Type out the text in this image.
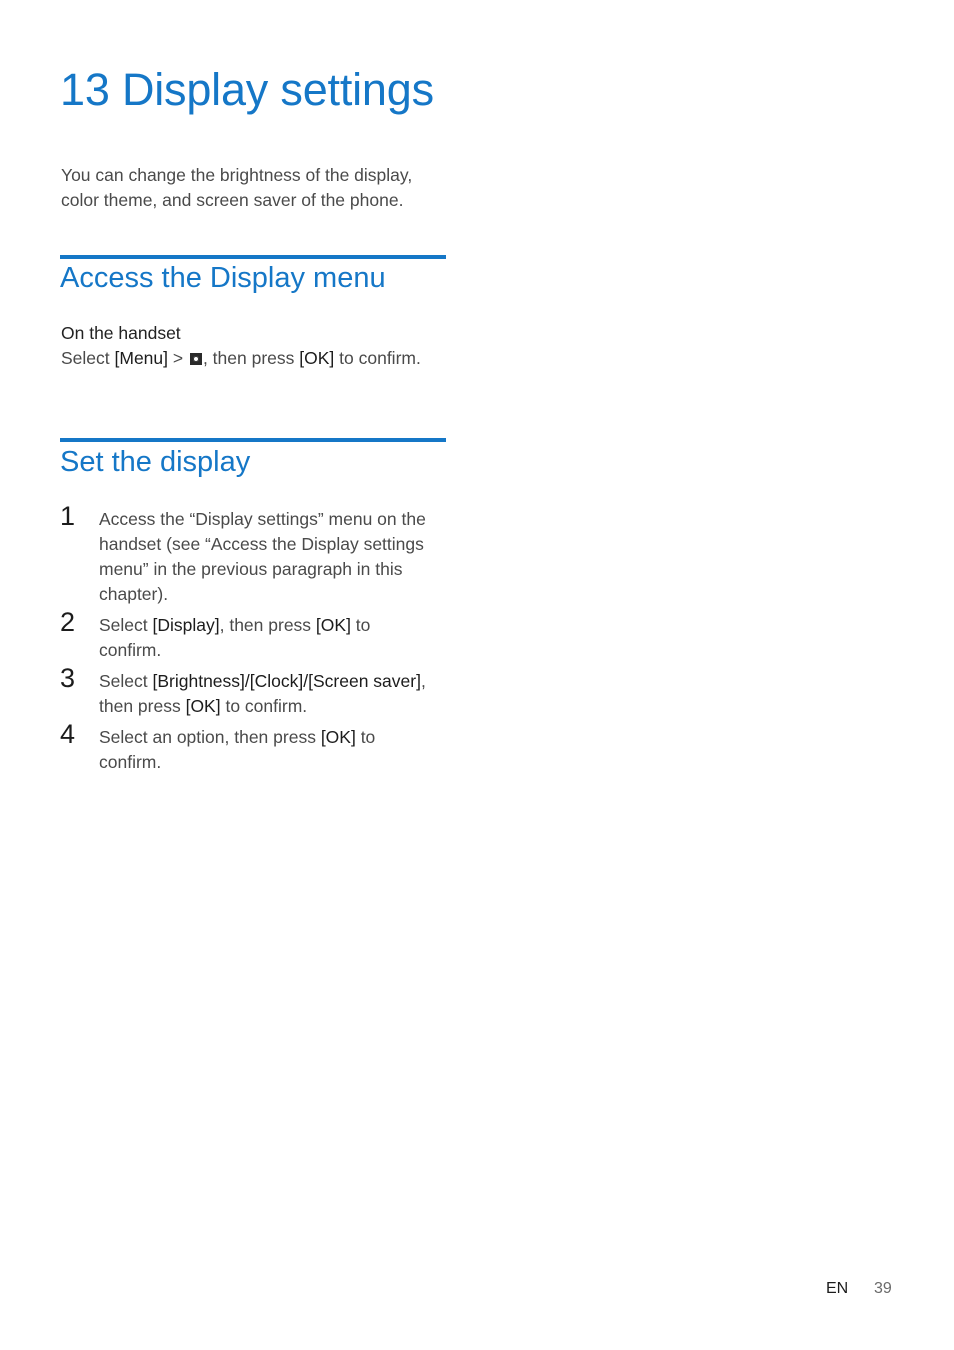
13 Display settings

You can change the brightness of the display,
color theme, and screen saver of the phone.

Access the Display menu
On the handset
Select [Menu] > , then press [OK] to confirm.
Set the display
1	Access the “Display settings” menu on the
handset (see “Access the Display settings
menu” in the previous paragraph in this
chapter).
2	Select [Display], then press [OK] to
confirm.
3	Select [Brightness]/[Clock]/[Screen saver],
then press [OK] to confirm.
4	Select an option, then press [OK] to
confirm.
EN 39
